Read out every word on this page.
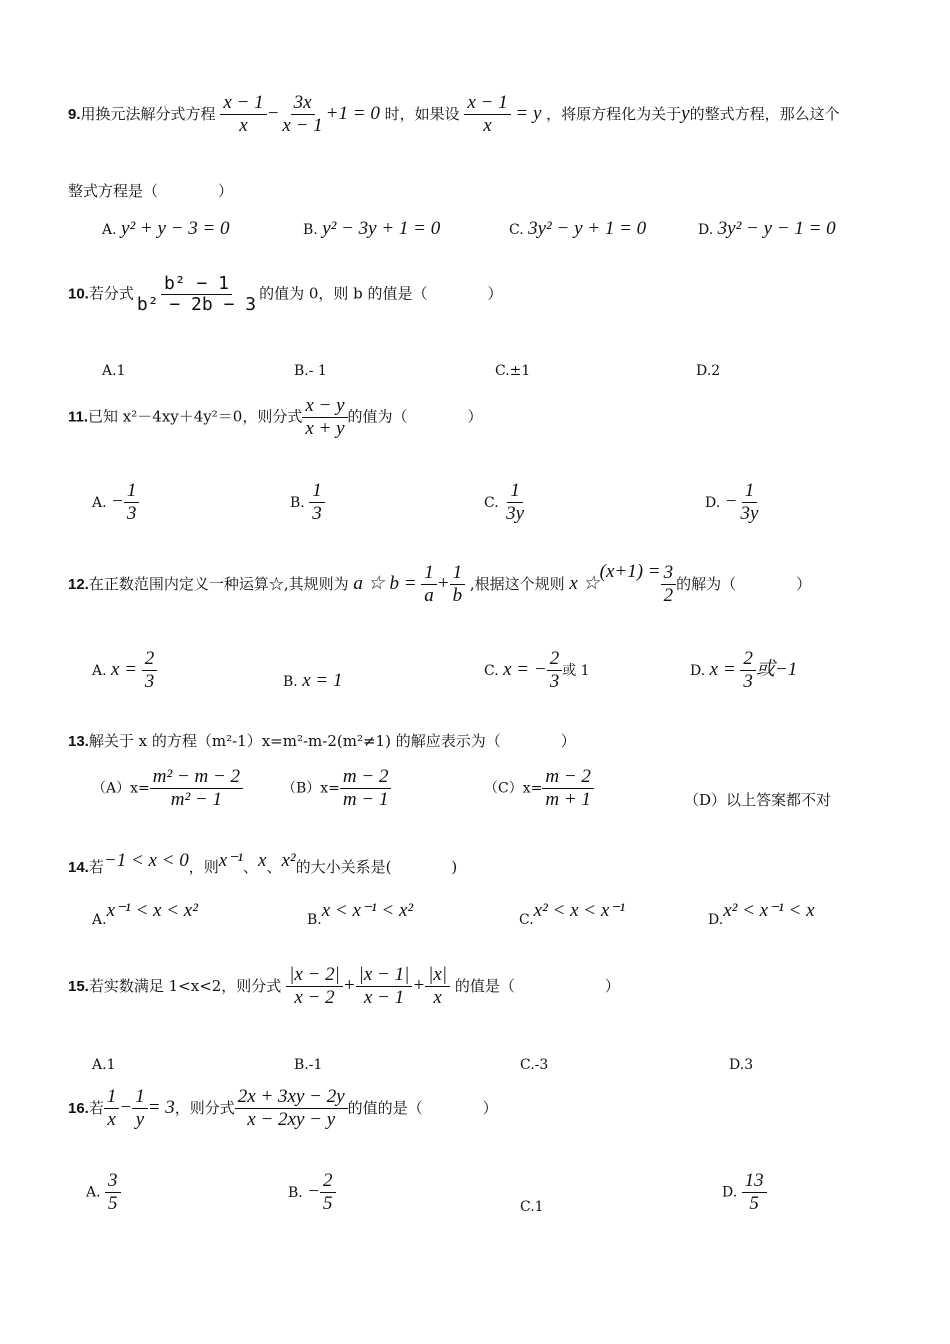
9.用换元法解分式方程 $\frac{x - 1}{x} - \frac{3x}{x - 1} +1 = 0$ 时，如果设 $\frac{x - 1}{x} = y$ ，将原方程化为关于y的整式方程，那么这个
整式方程是（　　　　）
A. y² + y − 3 = 0	B. y² − 3y + 1 = 0	C. 3y² − y + 1 = 0	D. 3y² − y − 1 = 0
10.若分式 $\frac{\text{b² − 1}}{\text{b² − 2b − 3}}$ 的值为 0，则 b 的值是（　　　　）
A.1	B.- 1	C.±1	D.2
11.已知 x²－4xy＋4y²＝0，则分式 $\frac{x - y}{x + y}$ 的值为（　　　　）
A. − $\frac{1}{3}$	B. $\frac{1}{3}$	C. $\frac{1}{3y}$	D. − $\frac{1}{3y}$
12.在正数范围内定义一种运算☆,其规则为 a ☆ $b = \frac{1}{a} + \frac{1}{b}$ ,根据这个规则 x ☆(x+1) = $\frac{3}{2}$ 的解为（　　　　）
A. $x = \frac{2}{3}$	B. x = 1	C. x = − $\frac{2}{3}$ 或 1	D. $x = \frac{2}{3}$ 或−1
13.解关于 x 的方程（m²-1）x=m²-m-2(m²≠1) 的解应表示为（　　　　）
$(A)x= \frac{\text{m² − m − 2}}{\text{m² − 1}}$	$(B)x= \frac{m - 2}{m - 1}$	$(C)x= \frac{m - 2}{m + 1}$	（D）以上答案都不对
14.若−1 < x < 0，则x⁻¹、x、x²的大小关系是(　　　　)
A.x⁻¹ < x < x²	B.x < x⁻¹ < x²	C.x² < x < x⁻¹	D.x² < x⁻¹ < x
15.若实数满足 1<x<2，则分式 $\frac{|x - 2|}{x - 2} + \frac{|x - 1|}{x - 1} + \frac{|x|}{x}$ 的值是（　　　　　　）
A.1	B.-1	C.-3	D.3
16.若 $\frac{1}{x} - \frac{1}{y} = 3$，则分式 $\frac{2x + 3xy - 2y}{x - 2xy - y}$ 的值的是（　　　　）
A. $\frac{3}{5}$	B. − $\frac{2}{5}$	C.1
D. $\frac{13}{5}$
